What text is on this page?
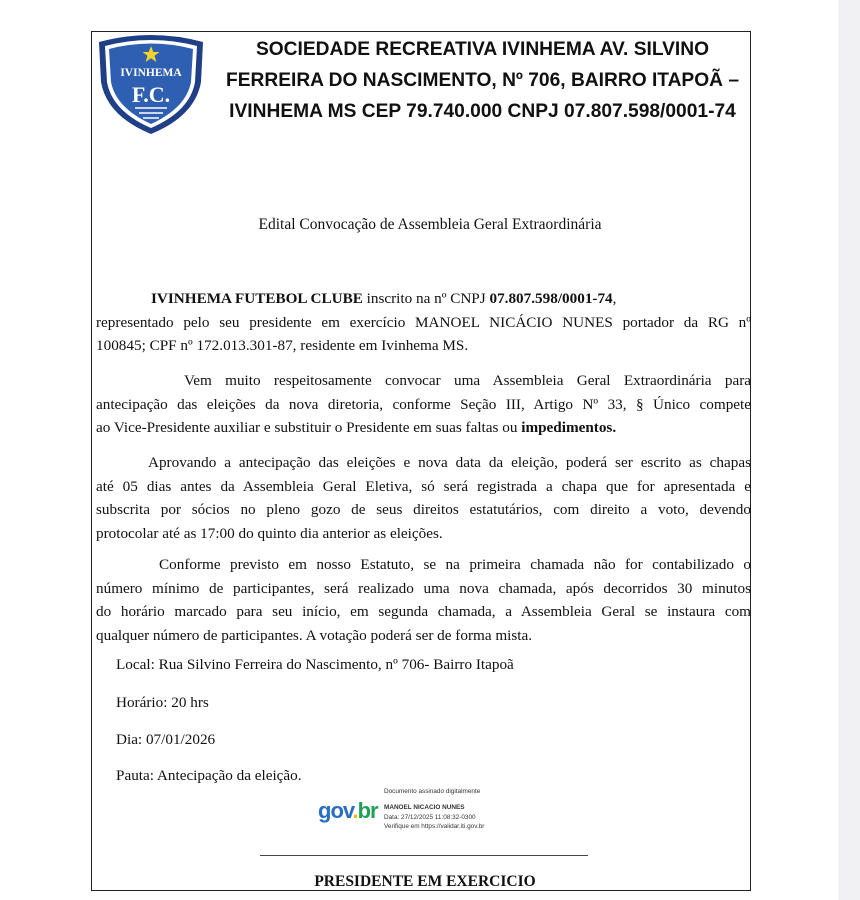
IVINHEMA
F.C.
SOCIEDADE RECREATIVA IVINHEMA AV. SILVINO
FERREIRA DO NASCIMENTO, Nº 706, BAIRRO ITAPOÃ –
IVINHEMA MS CEP 79.740.000 CNPJ 07.807.598/0001-74
Edital Convocação de Assembleia Geral Extraordinária
IVINHEMA FUTEBOL CLUBE inscrito na nº CNPJ 07.807.598/0001-74,
representado pelo seu presidente em exercício MANOEL NICÁCIO NUNES portador da RG nº
100845; CPF nº 172.013.301-87, residente em Ivinhema MS.
Vem muito respeitosamente convocar uma Assembleia Geral Extraordinária para
antecipação das eleições da nova diretoria, conforme Seção III, Artigo Nº 33, § Único compete
ao Vice-Presidente auxiliar e substituir o Presidente em suas faltas ou impedimentos.
Aprovando a antecipação das eleições e nova data da eleição, poderá ser escrito as chapas
até 05 dias antes da Assembleia Geral Eletiva, só será registrada a chapa que for apresentada e
subscrita por sócios no pleno gozo de seus direitos estatutários, com direito a voto, devendo
protocolar até as 17:00 do quinto dia anterior as eleições.
Conforme previsto em nosso Estatuto, se na primeira chamada não for contabilizado o
número mínimo de participantes, será realizado uma nova chamada, após decorridos 30 minutos
do horário marcado para seu início, em segunda chamada, a Assembleia Geral se instaura com
qualquer número de participantes. A votação poderá ser de forma mista.
Local: Rua Silvino Ferreira do Nascimento, nº 706- Bairro Itapoã
Horário: 20 hrs
Dia: 07/01/2026
Pauta: Antecipação da eleição.
gov.br
Documento assinado digitalmente
MANOEL NICACIO NUNES
Data: 27/12/2025 11:08:32-0300
Verifique em https://validar.iti.gov.br
PRESIDENTE EM EXERCICIO
